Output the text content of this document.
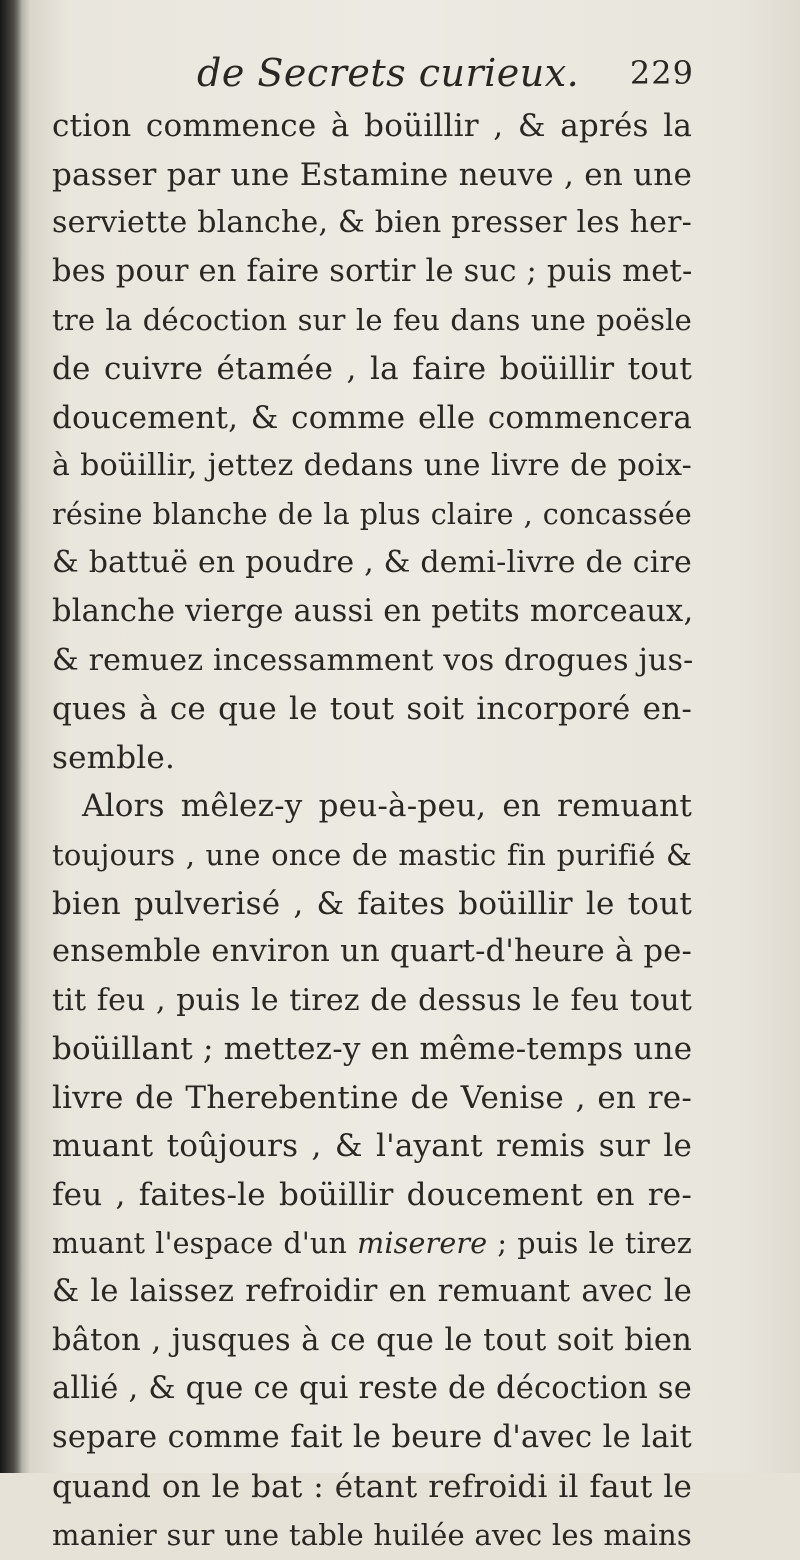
de Secrets curieux. 229
ction commence à boüillir , & aprés la
passer par une Estamine neuve , en une
serviette blanche, & bien presser les her-
bes pour en faire sortir le suc ; puis met-
tre la décoction sur le feu dans une poësle
de cuivre étamée , la faire boüillir tout
doucement, & comme elle commencera
à boüillir, jettez dedans une livre de poix-
résine blanche de la plus claire , concassée
& battuë en poudre , & demi-livre de cire
blanche vierge aussi en petits morceaux,
& remuez incessamment vos drogues jus-
ques à ce que le tout soit incorporé en-
semble.
Alors mêlez-y peu-à-peu, en remuant
toujours , une once de mastic fin purifié &
bien pulverisé , & faites boüillir le tout
ensemble environ un quart-d'heure à pe-
tit feu , puis le tirez de dessus le feu tout
boüillant ; mettez-y en même-temps une
livre de Therebentine de Venise , en re-
muant toûjours , & l'ayant remis sur le
feu , faites-le boüillir doucement en re-
muant l'espace d'un miserere ; puis le tirez
& le laissez refroidir en remuant avec le
bâton , jusques à ce que le tout soit bien
allié , & que ce qui reste de décoction se
separe comme fait le beure d'avec le lait
quand on le bat : étant refroidi il faut le
manier sur une table huilée avec les mains
